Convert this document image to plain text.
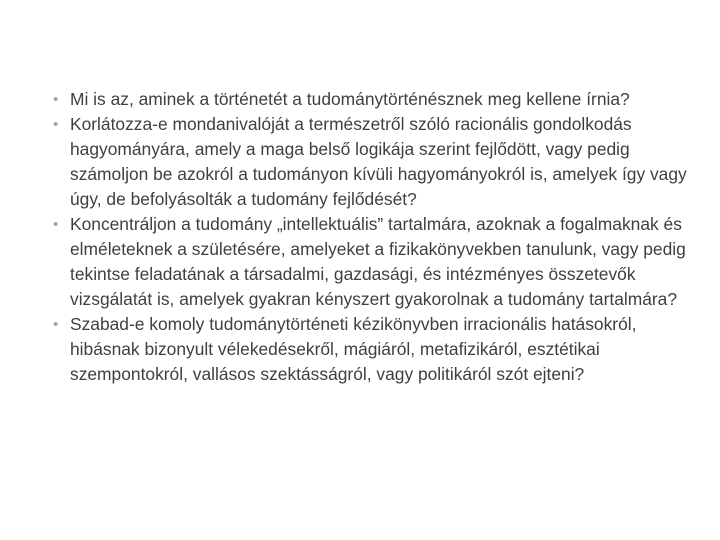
• Mi is az, aminek a történetét a tudománytörténésznek meg kellene írnia?
• Korlátozza-e mondanivalóját a természetről szóló racionális gondolkodás hagyományára, amely a maga belső logikája szerint fejlődött, vagy pedig számoljon be azokról a tudományon kívüli hagyományokról is, amelyek így vagy úgy, de befolyásolták a tudomány fejlődését?
• Koncentráljon a tudomány „intellektuális” tartalmára, azoknak a fogalmaknak és elméleteknek a születésére, amelyeket a fizikakönyvekben tanulunk, vagy pedig tekintse feladatának a társadalmi, gazdasági, és intézményes összetevők vizsgálatát is, amelyek gyakran kényszert gyakorolnak a tudomány tartalmára?
• Szabad-e komoly tudománytörténeti kézikönyvben irracionális hatásokról, hibásnak bizonyult vélekedésekről, mágiáról, metafizikáról, esztétikai szempontokról, vallásos szektásságról, vagy politikáról szót ejteni?
